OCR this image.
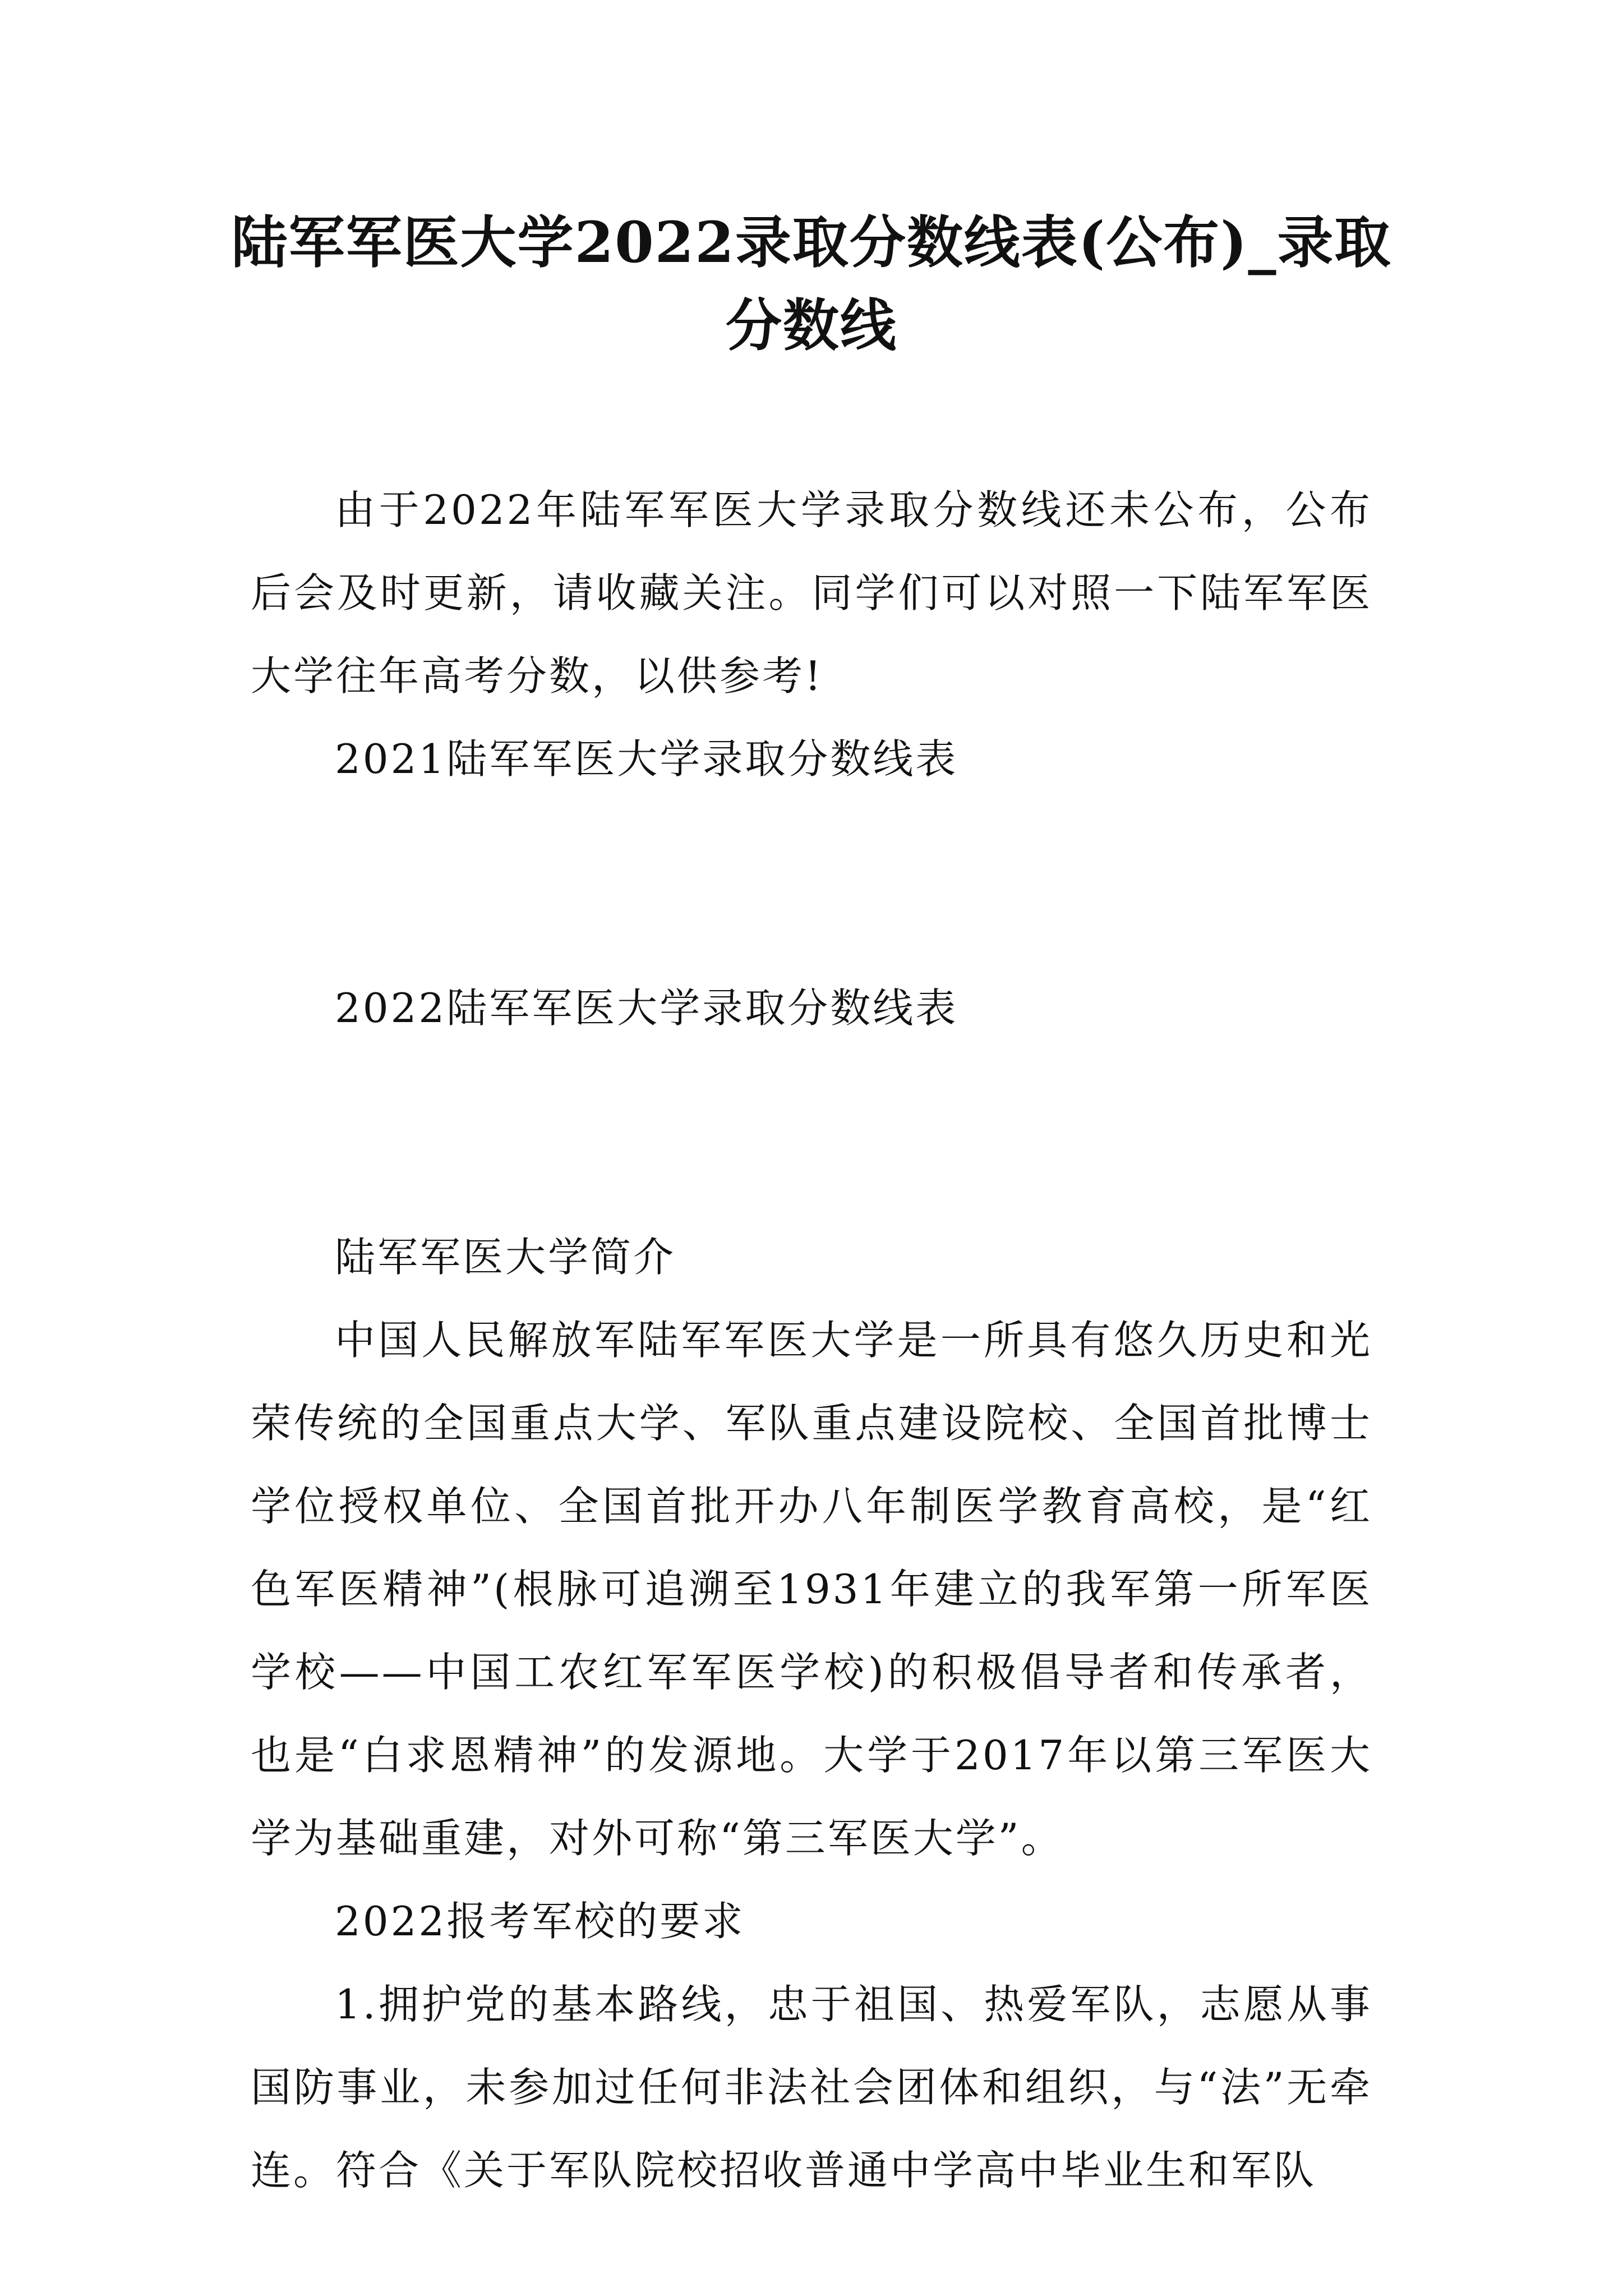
陆军军医大学2022录取分数线表(公布)_录取分数线

由于2022年陆军军医大学录取分数线还未公布，公布后会及时更新，请收藏关注。同学们可以对照一下陆军军医大学往年高考分数，以供参考!

2021陆军军医大学录取分数线表

2022陆军军医大学录取分数线表

陆军军医大学简介

中国人民解放军陆军军医大学是一所具有悠久历史和光荣传统的全国重点大学、军队重点建设院校、全国首批博士学位授权单位、全国首批开办八年制医学教育高校，是“红色军医精神”(根脉可追溯至1931年建立的我军第一所军医学校——中国工农红军军医学校)的积极倡导者和传承者，也是“白求恩精神”的发源地。大学于2017年以第三军医大学为基础重建，对外可称“第三军医大学”。

2022报考军校的要求

1.拥护党的基本路线，忠于祖国、热爱军队，志愿从事国防事业，未参加过任何非法社会团体和组织，与“法”无牵连。符合《关于军队院校招收普通中学高中毕业生和军队
